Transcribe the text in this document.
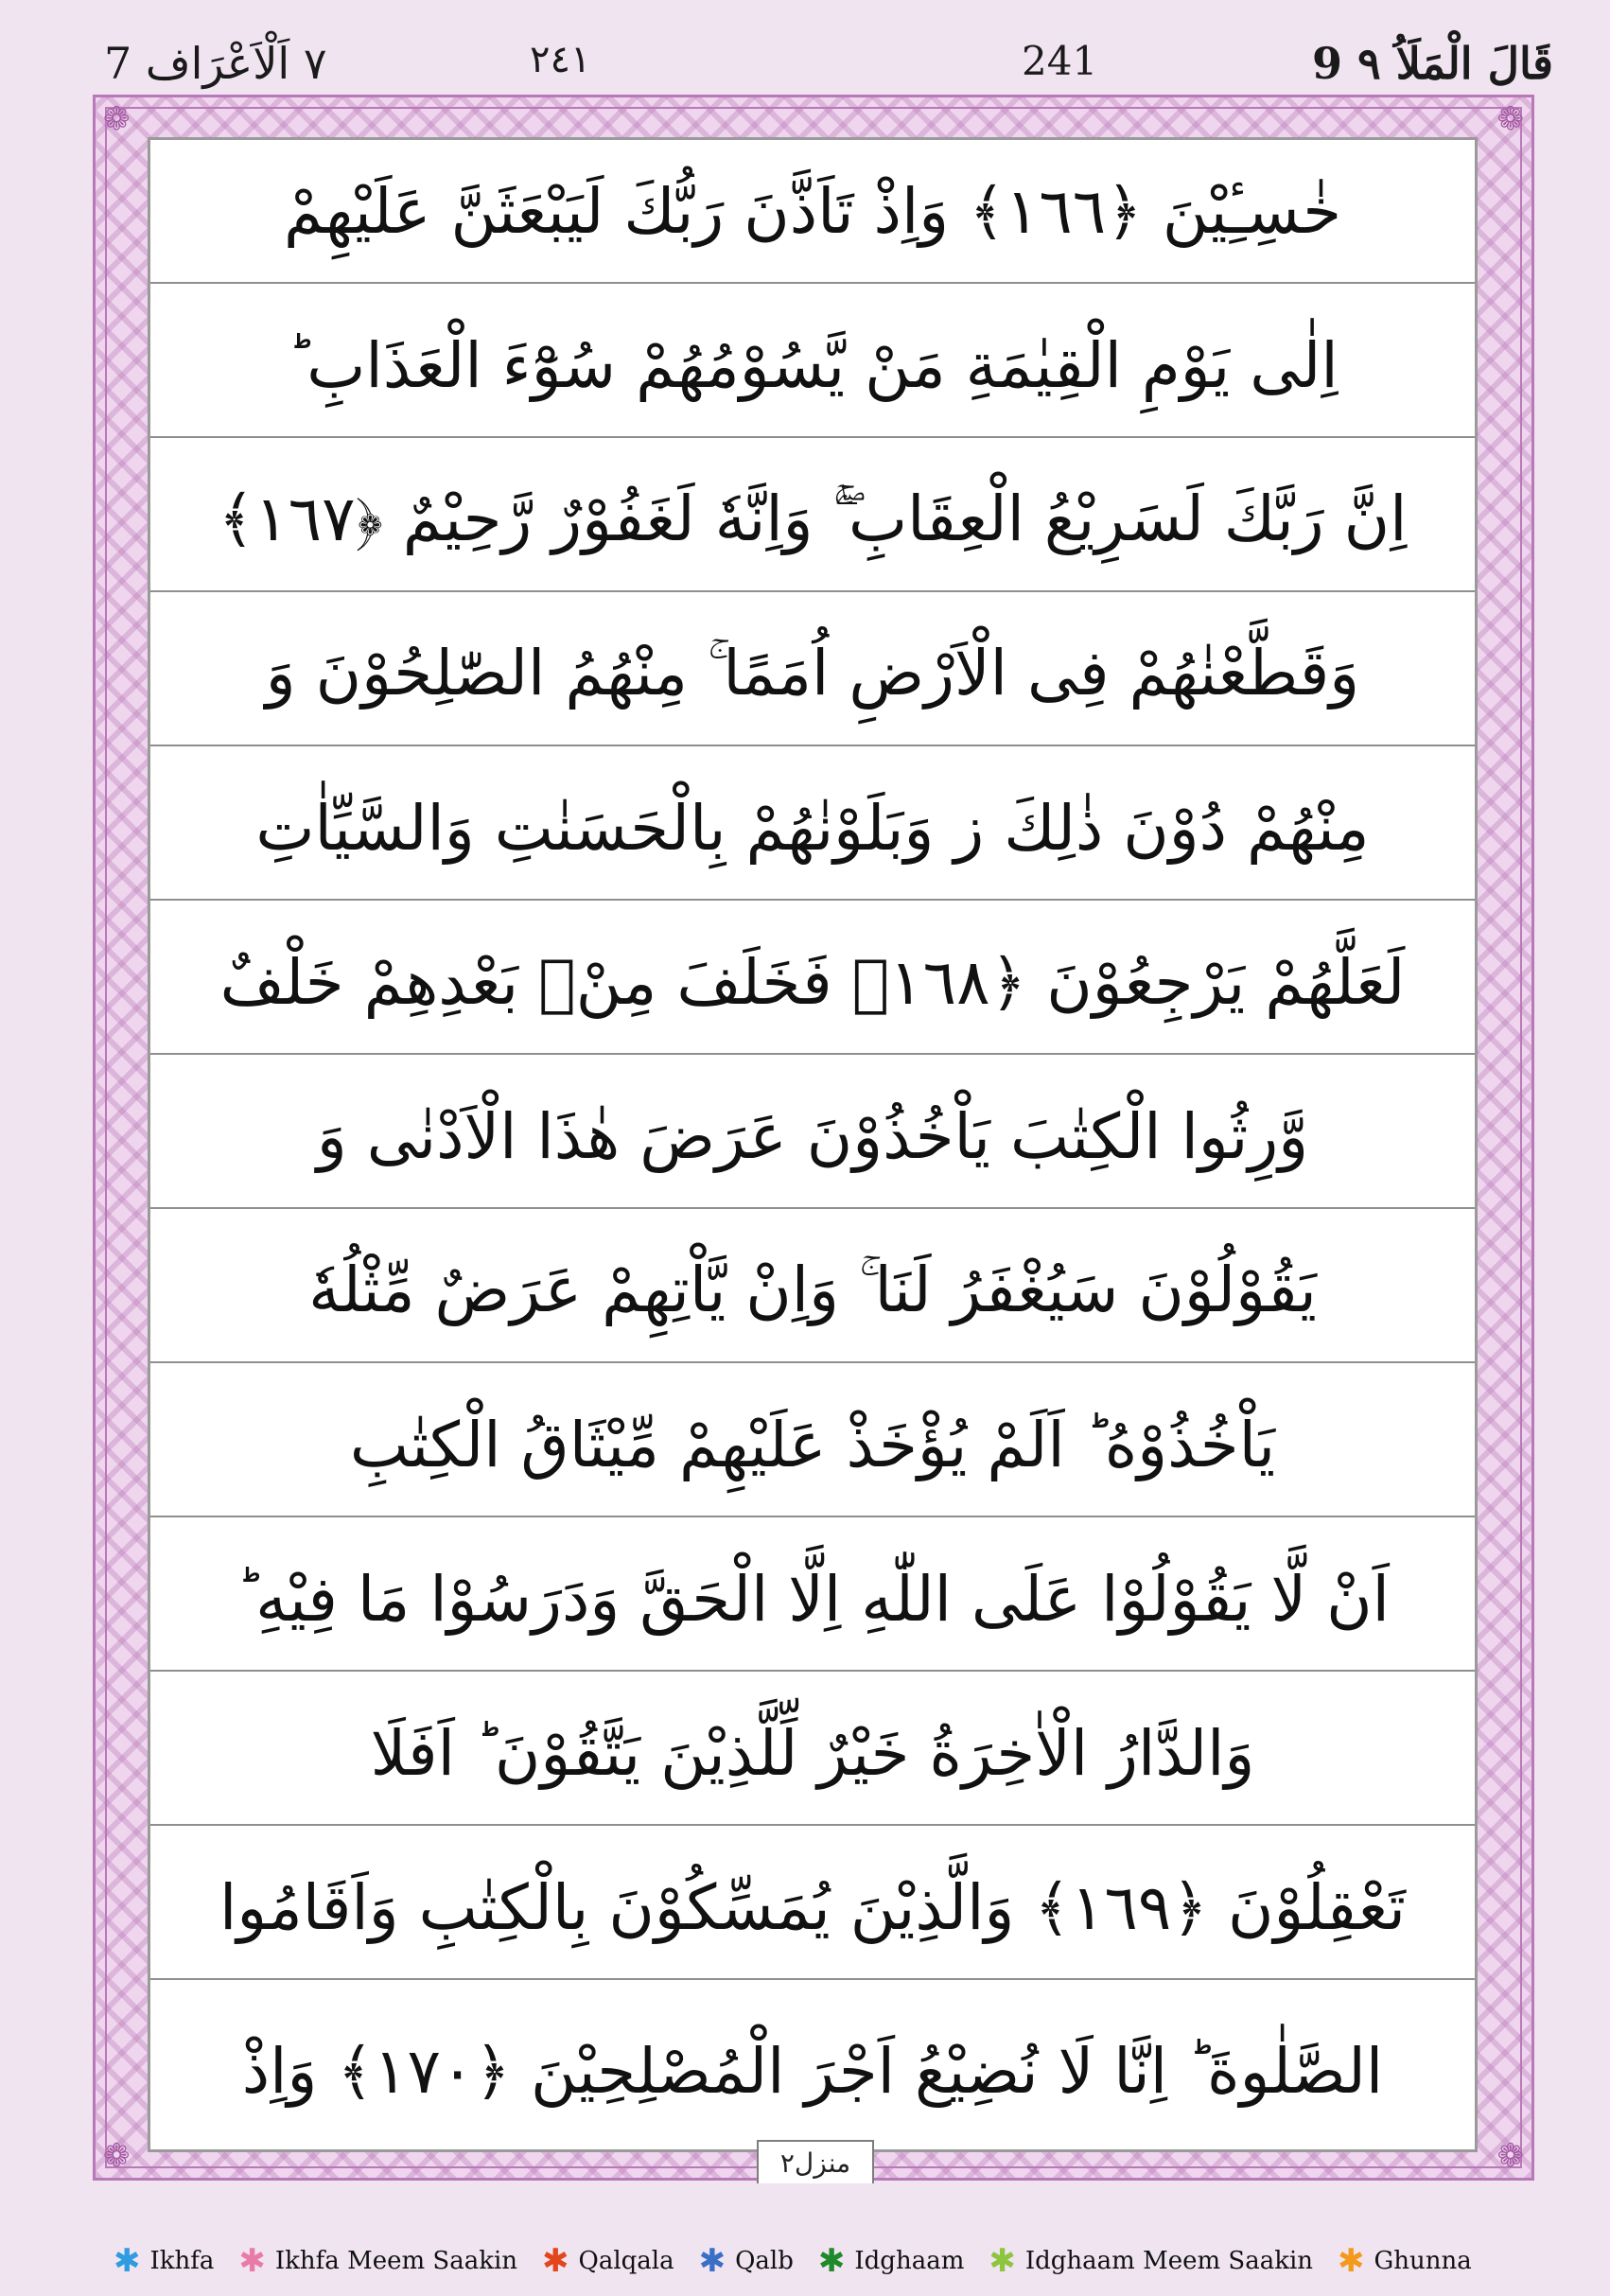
٧ اَلْاَعْرَاف 7	٢٤١	241	9 قَالَ الْمَلَاُ ٩
❁	❁
❁	❁
خٰسِـِٔيْنَ ﴿١٦٦﴾ وَاِذْ تَاَذَّنَ رَبُّكَ لَيَبْعَثَنَّ عَلَيْهِمْ
اِلٰى يَوْمِ الْقِيٰمَةِ مَنْ يَّسُوْمُهُمْ سُوْٓءَ الْعَذَابِ ؕ
اِنَّ رَبَّكَ لَسَرِيْعُ الْعِقَابِ ۖۚ وَاِنَّهٗ لَغَفُوْرٌ رَّحِيْمٌ ﴿١٦٧﴾
وَقَطَّعْنٰهُمْ فِى الْاَرْضِ اُمَمًا ۚ مِنْهُمُ الصّٰلِحُوْنَ وَ
مِنْهُمْ دُوْنَ ذٰلِكَ ز وَبَلَوْنٰهُمْ بِالْحَسَنٰتِ وَالسَّيِّاٰتِ
لَعَلَّهُمْ يَرْجِعُوْنَ ﴿١٦٨﴾ فَخَلَفَ مِنْۢ بَعْدِهِمْ خَلْفٌ
وَّرِثُوا الْكِتٰبَ يَاْخُذُوْنَ عَرَضَ هٰذَا الْاَدْنٰى وَ
يَقُوْلُوْنَ سَيُغْفَرُ لَنَا ۚ وَاِنْ يَّاْتِهِمْ عَرَضٌ مِّثْلُهٗ
يَاْخُذُوْهُ ؕ اَلَمْ يُؤْخَذْ عَلَيْهِمْ مِّيْثَاقُ الْكِتٰبِ
اَنْ لَّا يَقُوْلُوْا عَلَى اللّٰهِ اِلَّا الْحَقَّ وَدَرَسُوْا مَا فِيْهِ ؕ
وَالدَّارُ الْاٰخِرَةُ خَيْرٌ لِّلَّذِيْنَ يَتَّقُوْنَ ؕ اَفَلَا
تَعْقِلُوْنَ ﴿١٦٩﴾ وَالَّذِيْنَ يُمَسِّكُوْنَ بِالْكِتٰبِ وَاَقَامُوا
الصَّلٰوةَ ؕ اِنَّا لَا نُضِيْعُ اَجْرَ الْمُصْلِحِيْنَ ﴿١٧٠﴾ وَاِذْ
منزل٢
✱ Ikhfa ✱ Ikhfa Meem Saakin ✱ Qalqala ✱ Qalb ✱ Idghaam ✱ Idghaam Meem Saakin ✱ Ghunna
